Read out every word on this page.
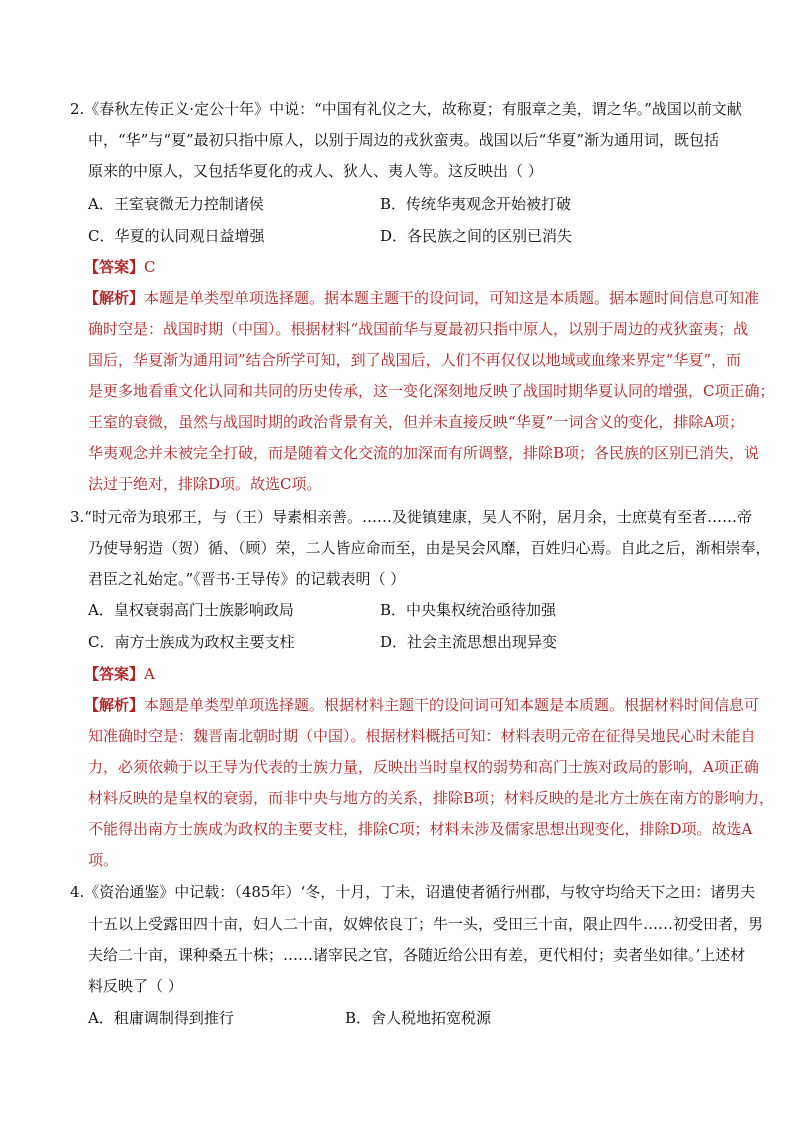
2.《春秋左传正义·定公十年》中说：“中国有礼仪之大，故称夏；有服章之美，谓之华。”战国以前文献
中，“华”与“夏”最初只指中原人，以别于周边的戎狄蛮夷。战国以后“华夏”渐为通用词，既包括
原来的中原人，又包括华夏化的戎人、狄人、夷人等。这反映出（ ）
A．王室衰微无力控制诸侯	B．传统华夷观念开始被打破
C．华夏的认同观日益增强	D．各民族之间的区别已消失
【答案】C
【解析】本题是单类型单项选择题。据本题主题干的设问词，可知这是本质题。据本题时间信息可知准
确时空是：战国时期（中国）。根据材料“战国前华与夏最初只指中原人，以别于周边的戎狄蛮夷；战
国后，华夏渐为通用词”结合所学可知，到了战国后，人们不再仅仅以地域或血缘来界定“华夏”，而
是更多地看重文化认同和共同的历史传承，这一变化深刻地反映了战国时期华夏认同的增强，C项正确；
王室的衰微，虽然与战国时期的政治背景有关，但并未直接反映“华夏”一词含义的变化，排除A项；
华夷观念并未被完全打破，而是随着文化交流的加深而有所调整，排除B项；各民族的区别已消失，说
法过于绝对，排除D项。故选C项。
3.“时元帝为琅邪王，与（王）导素相亲善。……及徙镇建康，吴人不附，居月余，士庶莫有至者……帝
乃使导躬造（贺）循、（顾）荣，二人皆应命而至，由是吴会风靡，百姓归心焉。自此之后，渐相崇奉，
君臣之礼始定。”《晋书·王导传》的记载表明（ ）
A．皇权衰弱高门士族影响政局	B．中央集权统治亟待加强
C．南方士族成为政权主要支柱	D．社会主流思想出现异变
【答案】A
【解析】本题是单类型单项选择题。根据材料主题干的设问词可知本题是本质题。根据材料时间信息可
知准确时空是：魏晋南北朝时期（中国）。根据材料概括可知：材料表明元帝在征得吴地民心时未能自
力，必须依赖于以王导为代表的士族力量，反映出当时皇权的弱势和高门士族对政局的影响，A项正确
材料反映的是皇权的衰弱，而非中央与地方的关系，排除B项；材料反映的是北方士族在南方的影响力，
不能得出南方士族成为政权的主要支柱，排除C项；材料未涉及儒家思想出现变化，排除D项。故选A
项。
4.《资治通鉴》中记载：（485年）‘冬，十月，丁未，诏遣使者循行州郡，与牧守均给天下之田：诸男夫
十五以上受露田四十亩，妇人二十亩，奴婢依良丁；牛一头，受田三十亩，限止四牛……初受田者，男
夫给二十亩，课种桑五十株；……诸宰民之官，各随近给公田有差，更代相付；卖者坐如律。’上述材
料反映了（ ）
A．租庸调制得到推行	B．舍人税地拓宽税源
